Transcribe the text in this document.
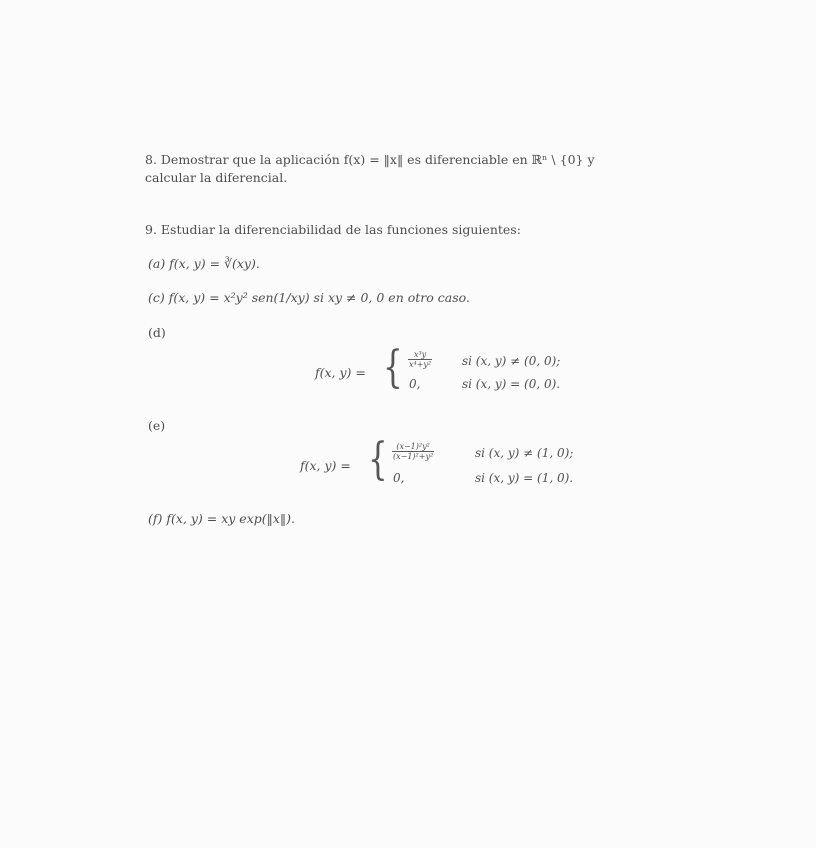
8. Demostrar que la aplicación f(x) = ‖x‖ es diferenciable en ℝⁿ \ {0} y
calcular la diferencial.
9. Estudiar la diferenciabilidad de las funciones siguientes:
(a) f(x, y) = ∛(xy).
(c) f(x, y) = x²y² sen(1/xy) si xy ≠ 0, 0 en otro caso.
(d)
f(x, y) = { $\frac{\text{x³y}}{\text{x⁴+y²}}$ si (x, y) ≠ (0, 0);
0,	si (x, y) = (0, 0).
(e)
f(x, y) = { $\frac{\text{(x−1)²y²}}{\text{(x−1)²+y²}}$	si (x, y) ≠ (1, 0);
0,	si (x, y) = (1, 0).
(f) f(x, y) = xy exp(‖x‖).
